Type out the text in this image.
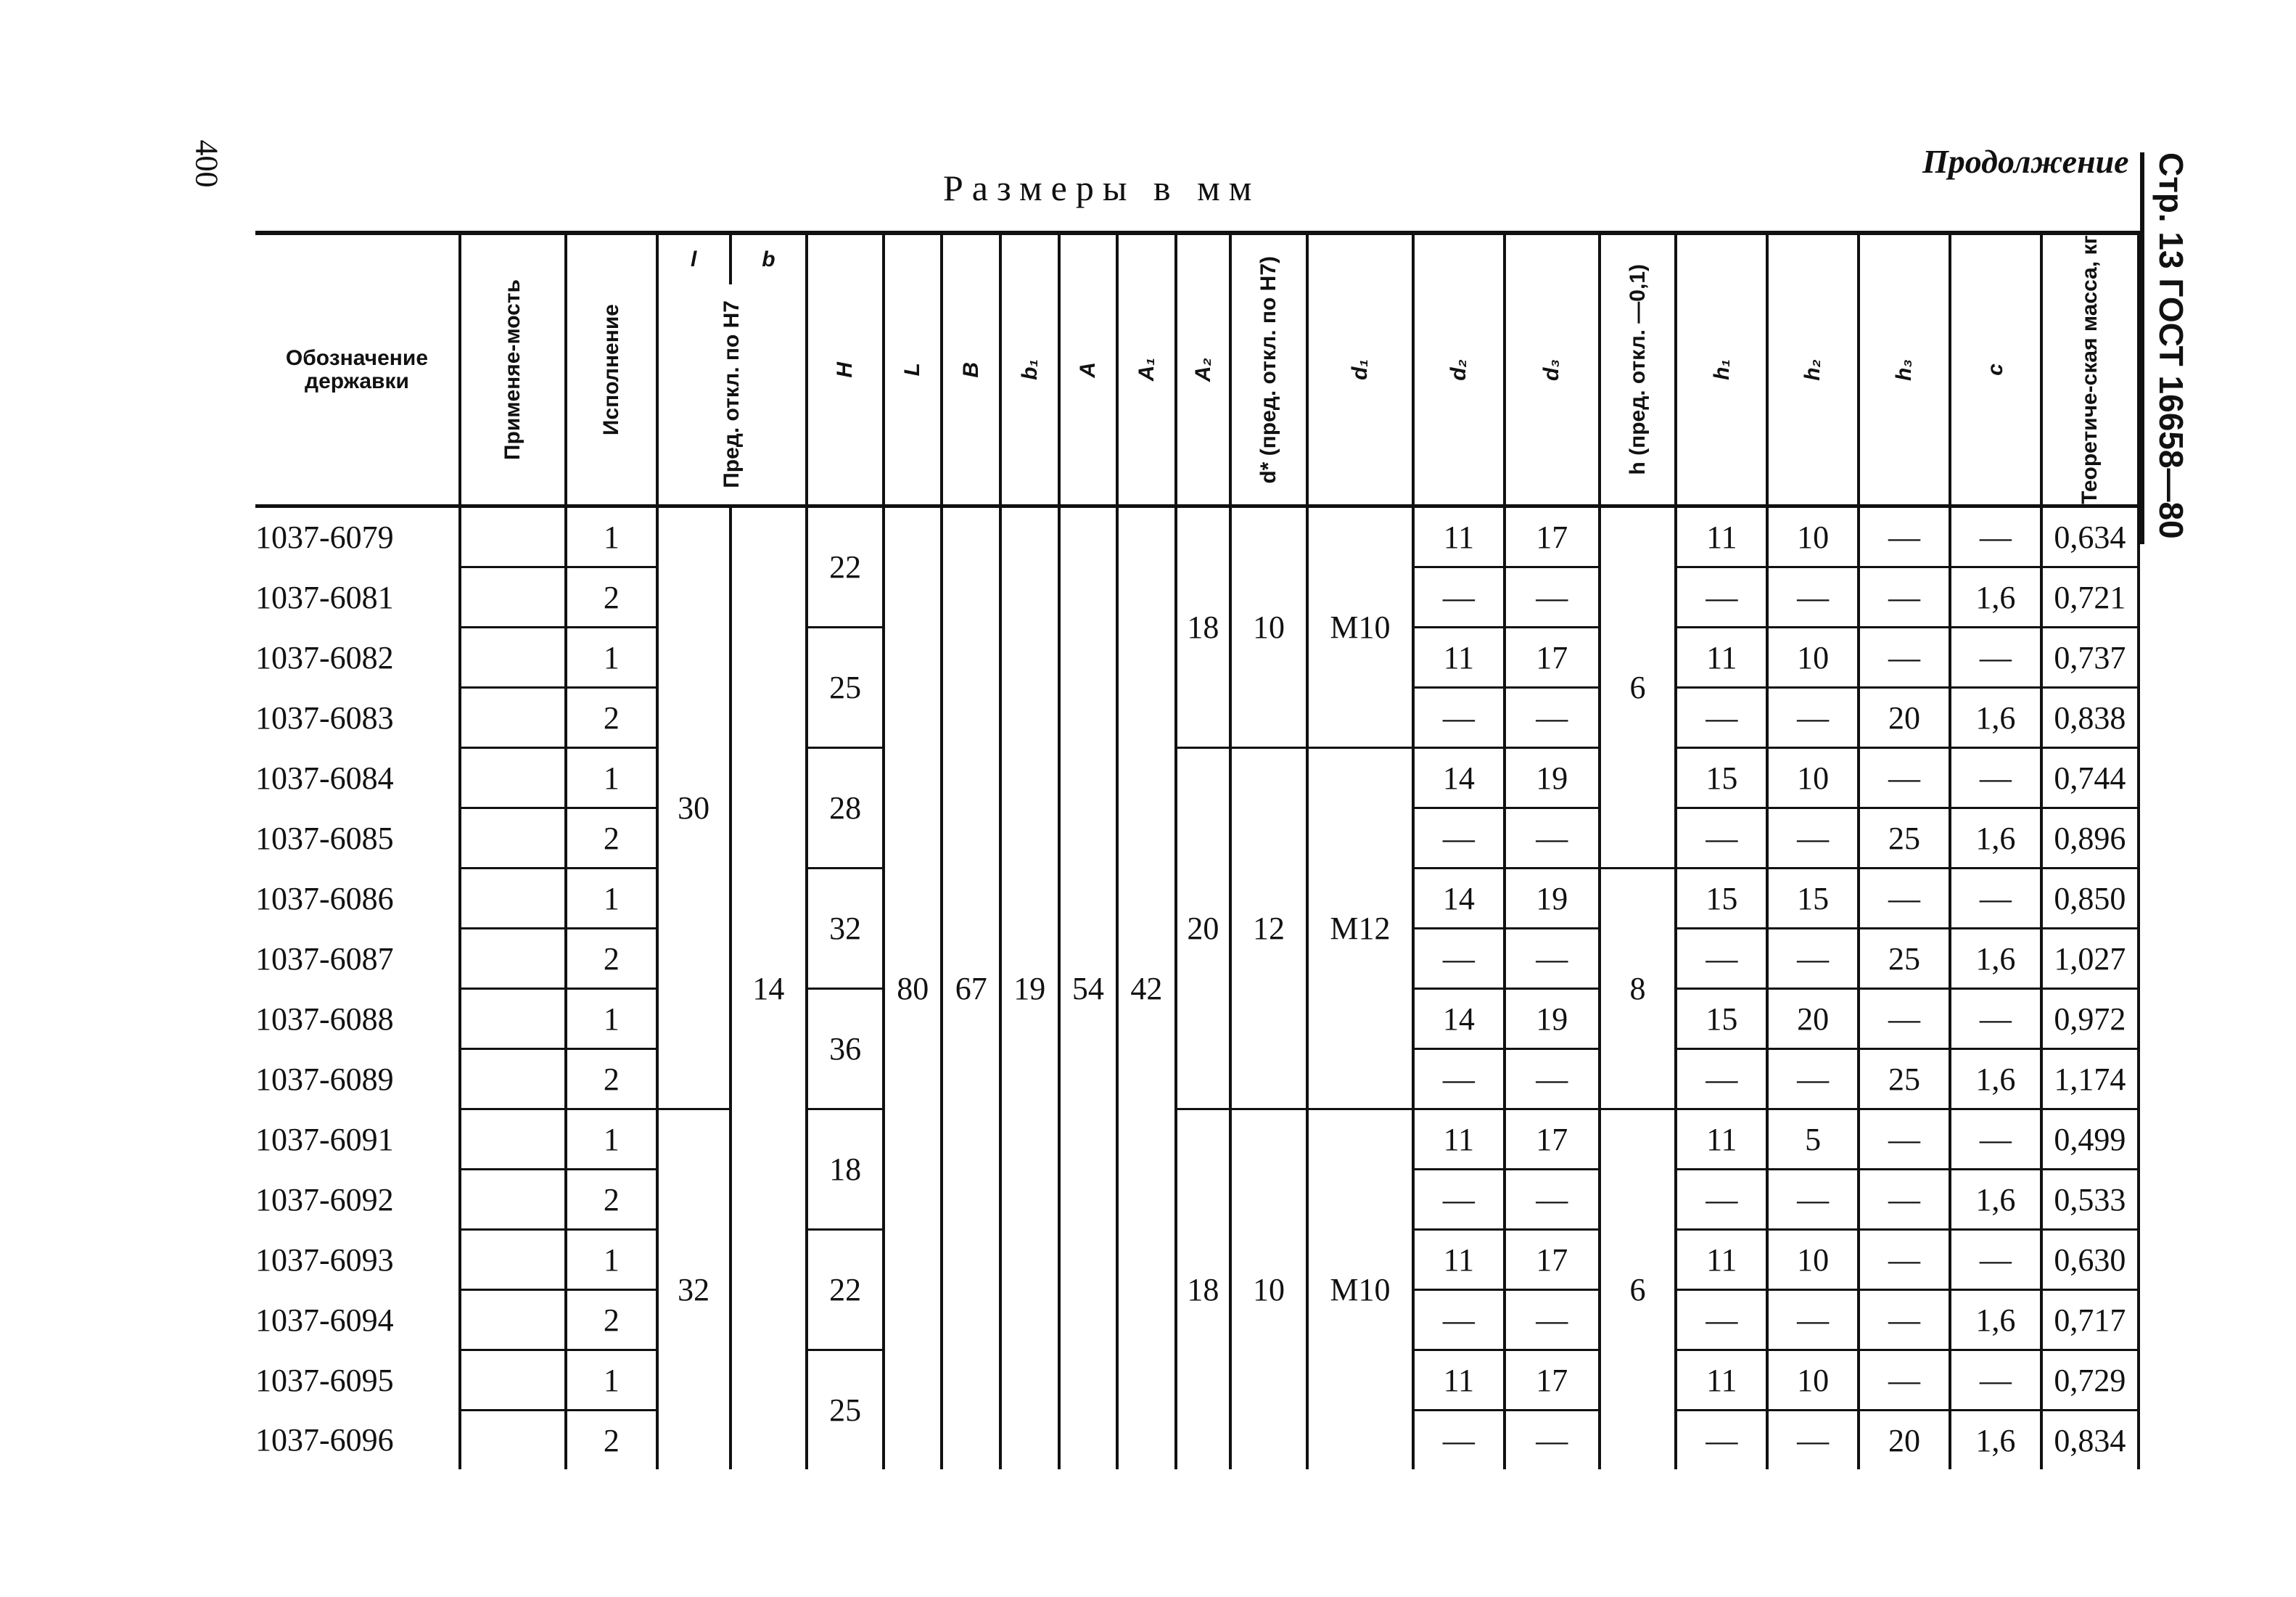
400
Размеры в мм
Продолжение Стр. 13 ГОСТ 16658—80
Обозначение державки	Применяе-мость	Исполнение	l	b	H	L	B	b₁	A	A₁	A₂	d* (пред. откл. по Н7)	d₁	d₂	d₃	h (пред. откл. —0,1)	h₁	h₂	h₃	c	Теоретиче-ская масса, кг

			Пред. откл. по Н7																		

1037-6079		1	30	14	22	80	67	19	54	42	18	10	M10	11	17	6	11	10	—	—	0,634
1037-6081		2												—	—		—	—	—	1,6	0,721
1037-6082		1			25									11	17		11	10	—	—	0,737
1037-6083		2												—	—		—	—	20	1,6	0,838
1037-6084		1			28						20	12	M12	14	19		15	10	—	—	0,744
1037-6085		2												—	—		—	—	25	1,6	0,896
1037-6086		1			32									14	19	8	15	15	—	—	0,850
1037-6087		2												—	—		—	—	25	1,6	1,027
1037-6088		1			36									14	19		15	20	—	—	0,972
1037-6089		2												—	—		—	—	25	1,6	1,174
1037-6091		1	32		18						18	10	M10	11	17	6	11	5	—	—	0,499
1037-6092		2												—	—		—	—	—	1,6	0,533
1037-6093		1			22									11	17		11	10	—	—	0,630
1037-6094		2												—	—		—	—	—	1,6	0,717
1037-6095		1			25									11	17		11	10	—	—	0,729
1037-6096		2												—	—		—	—	20	1,6	0,834
